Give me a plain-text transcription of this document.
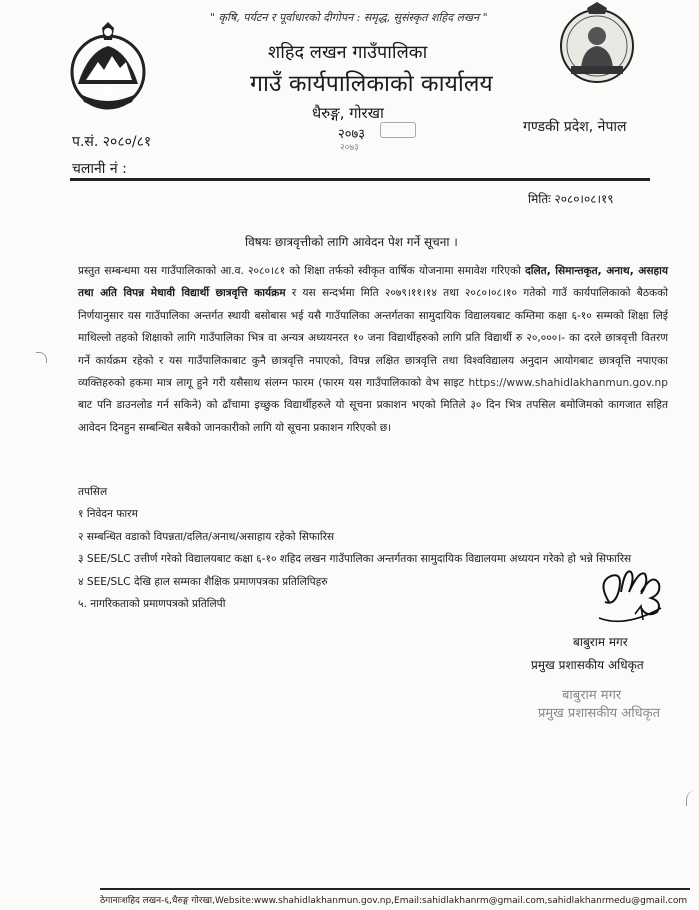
" कृषि, पर्यटन र पूर्वाधारको दीगोपन : समृद्ध, सुसंस्कृत शहिद लखन "
शहिद लखन गाउँपालिका
गाउँ कार्यपालिकाको कार्यालय
धैरुङ्ग, गोरखा
२०७३
२०७३
गण्डकी प्रदेश, नेपाल
प.सं. २०८०/८१
चलानी नं :
मितिः २०८०।०८।१९
विषयः छात्रवृत्तीको लागि आवेदन पेश गर्ने सूचना ।
प्रस्तुत सम्बन्धमा यस गाउँपालिकाको आ.व. २०८०।८१ को शिक्षा तर्फको स्वीकृत वार्षिक योजनामा समावेश गरिएको दलित, सिमान्तकृत, अनाथ, असहाय तथा अति विपन्न मेधावी विद्यार्थी छात्रवृत्ति कार्यक्रम र यस सन्दर्भमा मिति २०७९।११।१४ तथा २०८०।०८।१० गतेको गाउँ कार्यपालिकाको बैठकको निर्णयानुसार यस गाउँपालिका अन्तर्गत स्थायी बसोबास भई यसै गाउँपालिका अन्तर्गतका सामुदायिक विद्यालयबाट कम्तिमा कक्षा ६-१० सम्मको शिक्षा लिई माथिल्लो तहको शिक्षाको लागि गाउँपालिका भित्र वा अन्यत्र अध्ययनरत १० जना विद्यार्थीहरुको लागि प्रति विद्यार्थी रु २०,०००।- का दरले छात्रवृत्ती वितरण गर्ने कार्यक्रम रहेको र यस गाउँपालिकाबाट कुनै छात्रवृत्ति नपाएको, विपन्न लक्षित छात्रवृत्ति तथा विश्वविद्यालय अनुदान आयोगबाट छात्रवृत्ति नपाएका व्यक्तिहरुको हकमा मात्र लागू हुने गरी यसैसाथ संलग्न फारम (फारम यस गाउँपालिकाको वेभ साइट https://www.shahidlakhanmun.gov.np बाट पनि डाउनलोड गर्न सकिने) को ढाँचामा इच्छुक विद्यार्थीहरुले यो सूचना प्रकाशन भएको मितिले ३० दिन भित्र तपसिल बमोजिमको कागजात सहित आवेदन दिनहुन सम्बन्धित सबैको जानकारीको लागि यो सूचना प्रकाशन गरिएको छ।
तपसिल
१ निवेदन फारम
२ सम्बन्धित वडाको विपन्नता/दलित/अनाथ/असाहाय रहेको सिफारिस
३ SEE/SLC उत्तीर्ण गरेको विद्यालयबाट कक्षा ६-१० शहिद लखन गाउँपालिका अन्तर्गतका सामुदायिक विद्यालयमा अध्ययन गरेको हो भन्ने सिफारिस
४ SEE/SLC देखि हाल सम्मका शैक्षिक प्रमाणपत्रका प्रतिलिपिहरु
५. नागरिकताको प्रमाणपत्रको प्रतिलिपी
बाबुराम मगर
प्रमुख प्रशासकीय अधिकृत
बाबुराम मगर
प्रमुख प्रशासकीय अधिकृत
ठेगानाःशहिद लखन-६,धैरुङ्ग गोरखा,Website:www.shahidlakhanmun.gov.np,Email:sahidlakhanrm@gmail.com,sahidlakhanrmedu@gmail.com
